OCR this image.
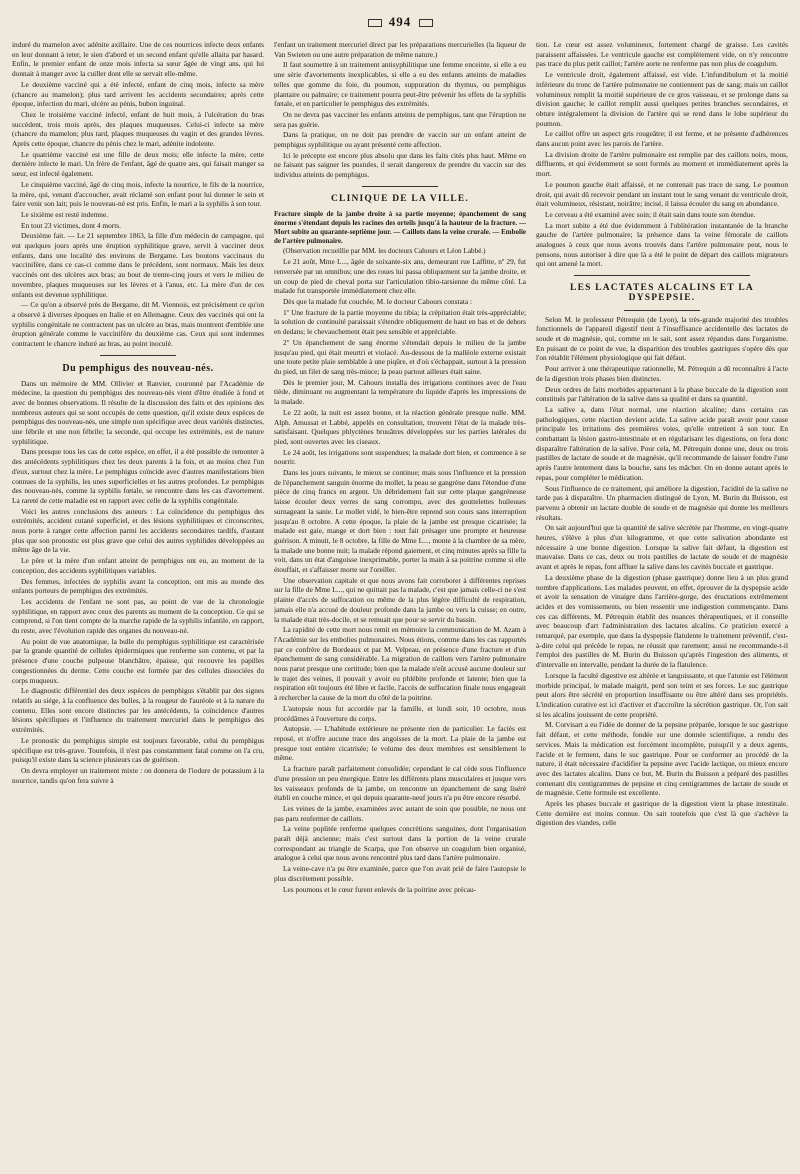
494

induré du mamelon avec adénite axillaire. Une de ces nourrices infecte deux enfants en leur donnant à teter, le sien d'abord et un second enfant qu'elle allaita par hasard. Enfin, le premier enfant de onze mois infecta sa sœur âgée de vingt ans, qui lui donnait à manger avec la cuiller dont elle se servait elle-même.

Le deuxième vacciné qui a été infecté, enfant de cinq mois, infecte sa mère (chancre au mamelon); plus tard arrivent les accidents secondaires; après cette époque, infection du mari, ulcère au pénis, bubon inguinal.

Chez le troisième vacciné infecté, enfant de huit mois, à l'ulcération du bras succèdent, trois mois après, des plaques muqueuses. Celui-ci infecte sa mère (chancre du mamelon; plus tard, plaques muqueuses du vagin et des grandes lèvres. Après cette époque, chancre du pénis chez le mari, adénite indolente.

Le quatrième vacciné est une fille de deux mois; elle infecte la mère, cette dernière infecte le mari. Un frère de l'enfant, âgé de quatre ans, qui faisait manger sa sœur, est infecté également.

Le cinquième vacciné, âgé de cinq mois, infecte la nourrice, le fils de la nourrice, la mère, qui, venant d'accoucher, avait réclamé son enfant pour lui donner le sein et faire venir son lait; puis le nouveau-né est pris. Enfin, le mari a la syphilis à son tour.

Le sixième est resté indemne.

En tout 23 victimes, dont 4 morts.

Deuxième fait. — Le 21 septembre 1863, la fille d'un médecin de campagne, qui eut quelques jours après une éruption syphilitique grave, servit à vacciner deux enfants, dans une localité des environs de Bergame. Les boutons vaccinaux du vaccinifère, dans ce cas-ci comme dans le précédent, sont normaux. Mais les deux vaccinés ont des ulcères aux bras; au bout de trente-cinq jours et vers le milieu de novembre, plaques muqueuses sur les lèvres et à l'anus, etc. La mère d'un de ces enfants est devenue syphilitique.

— Ce qu'on a observé près de Bergame, dit M. Viennois, est précisément ce qu'on a observé à diverses époques en Italie et en Allemagne. Ceux des vaccinés qui ont la syphilis congénitale ne contractent pas un ulcère au bras, mais montrent d'emblée une éruption générale comme le vaccinifère du deuxième cas. Ceux qui sont indemnes contractent le chancre induré au bras, au point inoculé.

Du pemphigus des nouveau-nés.

Dans un mémoire de MM. Ollivier et Ranvier, couronné par l'Académie de médecine, la question du pemphigus des nouveau-nés vient d'être étudiée à fond et avec de bonnes observations. Il résulte de la discussion des faits et des opinions des nombreux auteurs qui se sont occupés de cette question, qu'il existe deux espèces de pemphigus des nouveau-nés, une simple non spécifique avec deux variétés distinctes, une fébrile et une non fébrile; la seconde, qui occupe les extrémités, est de nature syphilitique.

Dans presque tous les cas de cette espèce, en effet, il a été possible de remonter à des antécédents syphilitiques chez les deux parents à la fois, et au moins chez l'un d'eux, surtout chez la mère. Le pemphigus coïncide avec d'autres manifestations bien connues de la syphilis, les unes superficielles et les autres profondes. Le pemphigus des nouveau-nés, comme la syphilis fœtale, se rencontre dans les cas d'avortement. La rareté de cette maladie est en rapport avec celle de la syphilis congénitale.

Voici les autres conclusions des auteurs : La coïncidence du pemphigus des extrémités, accident cutané superficiel, et des lésions syphilitiques et circonscrites, nous porte à ranger cette affection parmi les accidents secondaires tardifs, d'autant plus que son pronostic est plus grave que celui des autres syphilides développées au même âge de la vie.

Le père et la mère d'un enfant atteint de pemphigus ont eu, au moment de la conception, des accidents syphilitiques variables.

Des femmes, infectées de syphilis avant la conception, ont mis au monde des enfants porteurs de pemphigus des extrémités.

Les accidents de l'enfant ne sont pas, au point de vue de la chronologie syphilitique, en rapport avec ceux des parents au moment de la conception. Ce qui se comprend, si l'on tient compte de la marche rapide de la syphilis infantile, en rapport, du reste, avec l'évolution rapide des organes du nouveau-né.

Au point de vue anatomique, la bulle du pemphigus syphilitique est caractérisée par la grande quantité de cellules épidermiques que renferme son contenu, et par la présence d'une couche pulpeuse blanchâtre, épaisse, qui recouvre les papilles congestionnées du derme. Cette couche est formée par des cellules dissociées du corps muqueux.

Le diagnostic différentiel des deux espèces de pemphigus s'établit par des signes relatifs au siége, à la confluence des bulles, à la rougeur de l'auréole et à la nature du contenu. Elles sont encore distinctes par les antécédents, la coïncidence d'autres lésions spécifiques et l'influence du traitement mercuriel dans le pemphigus des extrémités.

Le pronostic du pemphigus simple est toujours favorable, celui du pemphigus spécifique est très-grave. Toutefois, il n'est pas constamment fatal comme on l'a cru, puisqu'il existe dans la science plusieurs cas de guérison.

On devra employer un traitement mixte : on donnera de l'iodure de potassium à la nourrice, tandis qu'on fera suivre à

l'enfant un traitement mercuriel direct par les préparations mercurielles (la liqueur de Van Swieten ou une autre préparation de même nature.)

Il faut soumettre à un traitement antisyphilitique une femme enceinte, si elle a eu une série d'avortements inexplicables, si elle a eu des enfants atteints de maladies telles que gomme du foie, du poumon, suppuration du thymus, ou pemphigus plantaire ou palmaire; ce traitement pourra peut-être prévenir les effets de la syphilis fœtale, et en particulier le pemphigus des extrémités.

On ne devra pas vacciner les enfants atteints de pemphigus, tant que l'éruption ne sera pas guérie.

Dans la pratique, on ne doit pas prendre de vaccin sur un enfant atteint de pemphigus syphilitique ou ayant présenté cette affection.

Ici le précepte est encore plus absolu que dans les faits cités plus haut. Même en ne faisant pas saigner les pustules, il serait dangereux de prendre du vaccin sur des individus atteints de pemphigus.

CLINIQUE DE LA VILLE.

Fracture simple de la jambe droite à sa partie moyenne; épanchement de sang énorme s'étendant depuis les racines des orteils jusqu'à la hauteur de la fracture. — Mort subite au quarante-septième jour. — Caillots dans la veine crurale. — Embolie de l'artère pulmonaire.

(Observation recueillie par MM. les docteurs Cahours et Léon Labbé.)

Le 21 août, Mme L..., âgée de soixante-six ans, demeurant rue Laffitte, nº 29, fut renversée par un omnibus; une des roues lui passa obliquement sur la jambe droite, et un coup de pied de cheval porta sur l'articulation tibio-tarsienne du même côté. La malade fut transportée immédiatement chez elle.

Dès que la malade fut couchée, M. le docteur Cahours constata :

1º Une fracture de la partie moyenne du tibia; la crépitation était très-appréciable; la solution de continuité paraissait s'étendre obliquement de haut en bas et de dehors en dedans; le chevauchement était peu sensible et appréciable.

2º Un épanchement de sang énorme s'étendait depuis le milieu de la jambe jusqu'au pied, qui était meurtri et violacé. Au-dessous de la malléole externe existait une toute petite plaie semblable à une piqûre, et d'où s'échappait, surtout à la pression du pied, un filet de sang très-mince; la peau partout ailleurs était saine.

Dès le premier jour, M. Cahours installa des irrigations continues avec de l'eau tiède, diminuant ou augmentant la température du liquide d'après les impressions de la malade.

Le 22 août, la nuit est assez bonne, et la réaction générale presque nulle. MM. Alph. Amussat et Labbé, appelés en consultation, trouvent l'état de la malade très-satisfaisant. Quelques phlyctènes bruuâtres développées sur les parties latérales du pied, sont ouvertes avec les ciseaux.

Le 24 août, les irrigations sont suspendues; la malade dort bien, et commence à se nourrir.

Dans les jours suivants, le mieux se continue; mais sous l'influence et la pression de l'épanchement sanguin énorme du mollet, la peau se gangrène dans l'étendue d'une pièce de cinq francs en argent. Un débridement fait sur cette plaque gangréneuse laisse écouler deux verres de sang corrompu, avec des gouttelettes huileuses surnageant la sanie. Le mollet vidé, le bien-être reprend son cours sans interruption jusqu'au 8 octobre. A cette époque, la plaie de la jambe est presque cicatrisée; la malade est gaie, mange et dort bien : tout fait présager une prompte et heureuse guérison. A minuit, le 8 octobre, la fille de Mme L..., monte à la chambre de sa mère, la malade une bonne nuit; la malade répond gaiement, et cinq minutes après sa fille la voit, dans un état d'angoisse inexprimable, porter la main à sa poitrine comme si elle étouffait, et s'affaisser morte sur l'oreiller.

Une observation capitale et que nous avons fait corroborer à différentes reprises sur la fille de Mme L..., qui ne quittait pas la malade, c'est que jamais celle-ci ne s'est plainte d'accès de suffocation ou même de la plus légère difficulté de respiration, jamais elle n'a accusé de douleur profonde dans la jambe ou vers la cuisse; en outre, la malade était très-docile, et se remuait que pour se servir du bassin.

La rapidité de cette mort nous remit en mémoire la communication de M. Azam à l'Académie sur les embolies pulmonaires. Nous étions, comme dans les cas rapportés par ce confrère de Bordeaux et par M. Velpeau, en présence d'une fracture et d'un épanchement de sang considérable. La migration de caillots vers l'artère pulmonaire nous parut presque une certitude; bien que la malade n'eût accusé aucune douleur sur le trajet des veines, il pouvait y avoir eu phlébite profonde et latente; bien que la respiration eût toujours été libre et facile, l'accès de suffocation finale nous engageait à rechercher la cause de la mort du côté de la poitrine.

L'autopsie nous fut accordée par la famille, et lundi soir, 10 octobre, nous procédâmes à l'ouverture du corps.

Autopsie. — L'habitude extérieure ne présente rien de particulier. Le faciès est reposé, et n'offre aucune trace des angoisses de la mort. La plaie de la jambe est presque tout entière cicatrisée; le volume des deux membres est sensiblement le même.

La fracture paraît parfaitement consolidée; cependant le cal cède sous l'influence d'une pression un peu énergique. Entre les différents plans musculaires et jusque vers les vaisseaux profonds de la jambe, on rencontre un épanchement de sang liséré établi en couche mince, et qui depuis quarante-neuf jours n'a pu être encore résorbé.

Les veines de la jambe, examinées avec autant de soin que possible, ne nous ont pas paru renfermer de caillots.

La veine poplitée renferme quelques concrétions sanguines, dont l'organisation paraît déjà ancienne; mais c'est surtout dans la portion de la veine crurale correspondant au triangle de Scarpa, que l'on observe un coagulum bien organisé, analogue à celui que nous avons rencontré plus tard dans l'artère pulmonaire.

La veine-cave n'a pu être examinée, parce que l'on avait prié de faire l'autopsie le plus discrètement possible.

Les poumons et le cœur furent enlevés de la poitrine avec précau-

tion. Le cœur est assez volumineux, fortement chargé de graisse. Les cavités paraissent affaissées. Le ventricule gauche est complètement vide, on n'y rencontre pas trace du plus petit caillot; l'artère aorte ne renferme pas non plus de coagulum.

Le ventricule droit, également affaissé, est vide. L'infundibulum et la moitié inférieure du tronc de l'artère pulmonaire ne contiennent pas de sang; mais un caillot volumineux remplit la moitié supérieure de ce gros vaisseau, et se prolonge dans sa division gauche; le caillot remplit aussi quelques petites branches secondaires, et obture intégralement la division de l'artère qui se rend dans le lobe supérieur du poumon.

Le caillot offre un aspect gris rougeâtre; il est ferme, et ne présente d'adhérences dans aucun point avec les parois de l'artère.

La division droite de l'artère pulmonaire est remplie par des caillots noirs, mous, diffluents, et qui évidemment se sont formés au moment et immédiatement après la mort.

Le poumon gauche était affaissé, et ne contenait pas trace de sang. Le poumon droit, qui avait dû recevoir pendant un instant tout le sang venant du ventricule droit, était volumineux, résistant, noirâtre; incisé, il laissa écouler du sang en abondance.

Le cerveau a été examiné avec soin; il était sain dans toute son étendue.

La mort subite a été due évidemment à l'oblitération instantanée de la branche gauche de l'artère pulmonaire; la présence dans la veine fémorale de caillots analogues à ceux que nous avons trouvés dans l'artère pulmonaire peut, nous le pensons, nous autoriser à dire que là a été le point de départ des caillots migrateurs qui ont amené la mort.

LES LACTATES ALCALINS ET LA DYSPEPSIE.

Selon M. le professeur Pétrequin (de Lyon), la très-grande majorité des troubles fonctionnels de l'appareil digestif tient à l'insuffisance accidentelle des lactates de soude et de magnésie, qui, comme on le sait, sont assez répandus dans l'organisme. En puisant de ce point de vue, la disparition des troubles gastriques s'opère dès que l'on rétablit l'élément physiologique qui fait défaut.

Pour arriver à une thérapeutique rationnelle, M. Pétrequin a dû reconnaître à l'acte de la digestion trois phases bien distinctes.

Deux ordres de faits morbides appartenant à la phase buccale de la digestion sont constitués par l'altération de la salive dans sa qualité et dans sa quantité.

La salive a, dans l'état normal, une réaction alcaline; dans certains cas pathologiques, cette réaction devient acide. La salive acide paraît avoir pour cause principale les irritations des premières voies, qu'elle entretient à son tour. En combattant la lésion gastro-intestinale et en régularisant les digestions, on fera donc disparaître l'altération de la salive. Pour cela, M. Pétrequin donne une, deux ou trois pastilles de lactate de soude et de magnésie, qu'il recommande de laisser fondre l'une après l'autre lentement dans la bouche, sans les mâcher. On en donne autant après le repas, pour compléter le médication.

Sous l'influence de ce traitement, qui améliore la digestion, l'acidité de la salive ne tarde pas à disparaître. Un pharmacien distingué de Lyon, M. Burin du Buisson, est parvenu à obtenir un lactate double de soude et de magnésie qui donne les meilleurs résultats.

On sait aujourd'hui que la quantité de salive sécrétée par l'homme, en vingt-quatre heures, s'élève à plus d'un kilogramme, et que cette salivation abondante est nécessaire à une bonne digestion. Lorsque la salive fait défaut, la digestion est mauvaise. Dans ce cas, deux ou trois pastilles de lactate de soude et de magnésie avant et après le repas, font affluer la salive dans les cavités buccale et gastrique.

La deuxième phase de la digestion (phase gastrique) donne lieu à un plus grand nombre d'applications. Les malades peuvent, en effet, éprouver de la dyspepsie acide et avoir la sensation de vinaigre dans l'arrière-gorge, des éructations extrêmement acides et des vomissements, ou bien ressentir une indigestion commençante. Dans ces cas différents, M. Pétrequin établit des nuances thérapeutiques, et il conseille avec beaucoup d'art l'administration des lactates alcalins. Ce praticien exercé a remarqué, par exemple, que dans la dyspepsie flatulente le traitement préventif, c'est-à-dire celui qui précède le repas, ne réussit que rarement; aussi ne recommande-t-il l'emploi des pastilles de M. Burin du Buisson qu'après l'ingestion des aliments, et d'intervalle en intervalle, pendant la durée de la flatulence.

Lorsque la faculté digestive est altérée et languissante, et que l'atonie est l'élément morbide principal, le malade maigrit, perd son teint et ses forces. Le suc gastrique peut alors être sécrété en proportion insuffisante ou être altéré dans ses propriétés. L'indication curative est ici d'activer et d'accroître la sécrétion gastrique. Or, l'on sait si les alcalins jouissent de cette propriété.

M. Corvisart a eu l'idée de donner de la pepsine préparée, lorsque le suc gastrique fait défaut, et cette méthode, fondée sur une donnée scientifique, a rendu des services. Mais la médication est forcément incomplète, puisqu'il y a deux agents, l'acide et le ferment, dans le suc gastrique. Pour se conformer au procédé de la nature, il était nécessaire d'acidifier la pepsine avec l'acide lactique, ou mieux encore avec des lactates alcalins. Dans ce but, M. Burin du Buisson a préparé des pastilles contenant dix centigrammes de pepsine et cinq centigrammes de lactate de soude et de magnésie. Cette formule est excellente.

Après les phases buccale et gastrique de la digestion vient la phase intestinale. Cette dernière est moins connue. On sait toutefois que c'est là que s'achève la digestion des viandes, celle
